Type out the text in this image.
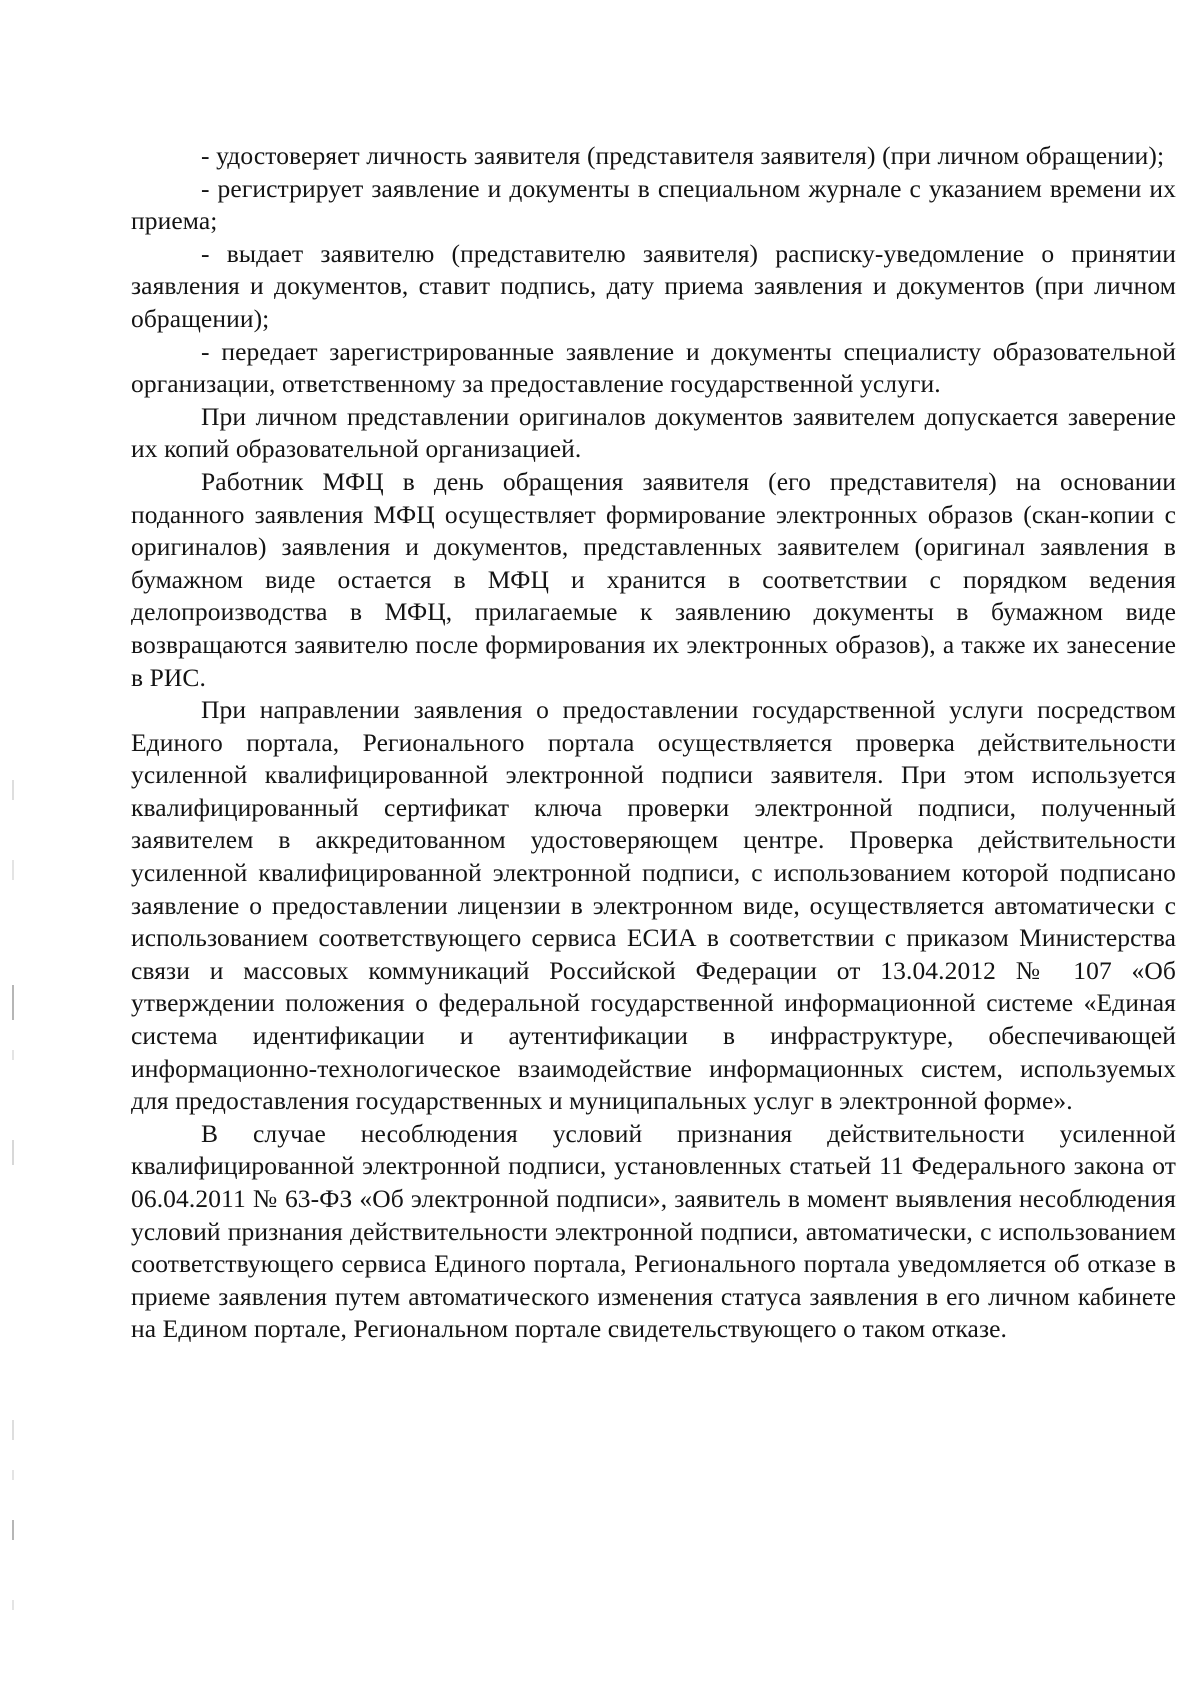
- удостоверяет личность заявителя (представителя заявителя) (при личном обращении);

- регистрирует заявление и документы в специальном журнале с указанием времени их приема;

- выдает заявителю (представителю заявителя) расписку-уведомление о принятии заявления и документов, ставит подпись, дату приема заявления и документов (при личном обращении);

- передает зарегистрированные заявление и документы специалисту образовательной организации, ответственному за предоставление государственной услуги.

При личном представлении оригиналов документов заявителем допускается заверение их копий образовательной организацией.

Работник МФЦ в день обращения заявителя (его представителя) на основании поданного заявления МФЦ осуществляет формирование электронных образов (скан-копии с оригиналов) заявления и документов, представленных заявителем (оригинал заявления в бумажном виде остается в МФЦ и хранится в соответствии с порядком ведения делопроизводства в МФЦ, прилагаемые к заявлению документы в бумажном виде возвращаются заявителю после формирования их электронных образов), а также их занесение в РИС.

При направлении заявления о предоставлении государственной услуги посредством Единого портала, Регионального портала осуществляется проверка действительности усиленной квалифицированной электронной подписи заявителя. При этом используется квалифицированный сертификат ключа проверки электронной подписи, полученный заявителем в аккредитованном удостоверяющем центре. Проверка действительности усиленной квалифицированной электронной подписи, с использованием которой подписано заявление о предоставлении лицензии в электронном виде, осуществляется автоматически с использованием соответствующего сервиса ЕСИА в соответствии с приказом Министерства связи и массовых коммуникаций Российской Федерации от 13.04.2012 № 107 «Об утверждении положения о федеральной государственной информационной системе «Единая система идентификации и аутентификации в инфраструктуре, обеспечивающей информационно-технологическое взаимодействие информационных систем, используемых для предоставления государственных и муниципальных услуг в электронной форме».

В случае несоблюдения условий признания действительности усиленной квалифицированной электронной подписи, установленных статьей 11 Федерального закона от 06.04.2011 № 63-ФЗ «Об электронной подписи», заявитель в момент выявления несоблюдения условий признания действительности электронной подписи, автоматически, с использованием соответствующего сервиса Единого портала, Регионального портала уведомляется об отказе в приеме заявления путем автоматического изменения статуса заявления в его личном кабинете на Едином портале, Региональном портале свидетельствующего о таком отказе.
